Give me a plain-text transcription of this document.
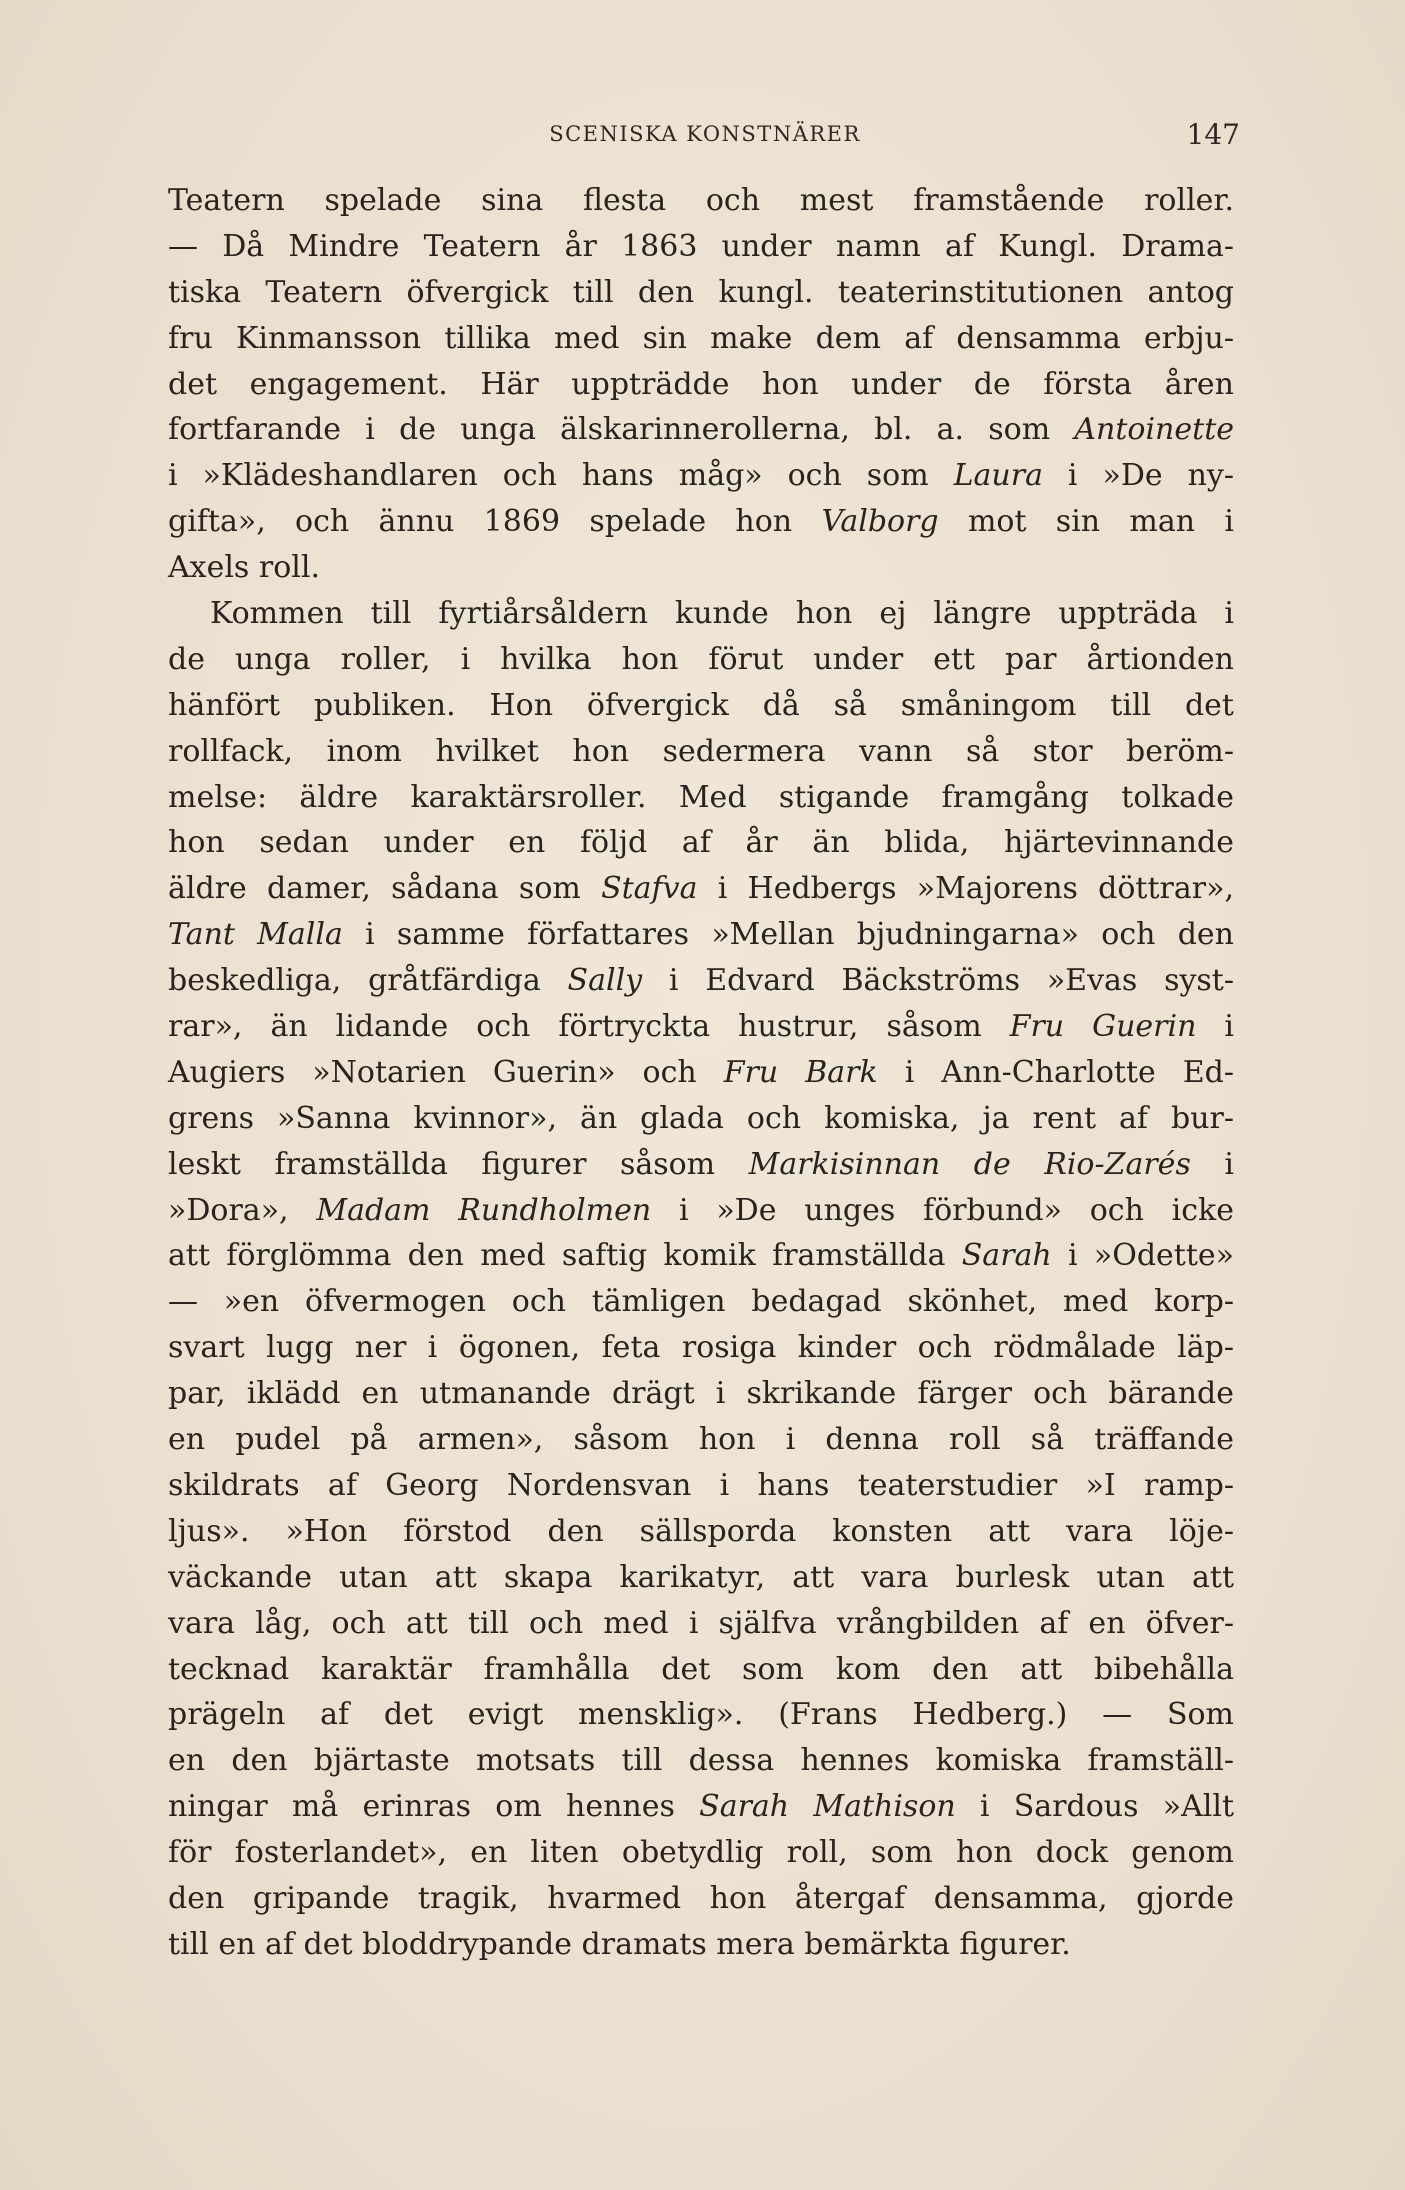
SCENISKA KONSTNÄRER	147
Teatern spelade sina flesta och mest framstående roller.
— Då Mindre Teatern år 1863 under namn af Kungl. Drama-
tiska Teatern öfvergick till den kungl. teaterinstitutionen antog
fru Kinmansson tillika med sin make dem af densamma erbju-
det engagement. Här uppträdde hon under de första åren
fortfarande i de unga älskarinnerollerna, bl. a. som Antoinette
i »Klädeshandlaren och hans måg» och som Laura i »De ny-
gifta», och ännu 1869 spelade hon Valborg mot sin man i
Axels roll.
Kommen till fyrtiårsåldern kunde hon ej längre uppträda i
de unga roller, i hvilka hon förut under ett par årtionden
hänfört publiken. Hon öfvergick då så småningom till det
rollfack, inom hvilket hon sedermera vann så stor beröm-
melse: äldre karaktärsroller. Med stigande framgång tolkade
hon sedan under en följd af år än blida, hjärtevinnande
äldre damer, sådana som Stafva i Hedbergs »Majorens döttrar»,
Tant Malla i samme författares »Mellan bjudningarna» och den
beskedliga, gråtfärdiga Sally i Edvard Bäckströms »Evas syst-
rar», än lidande och förtryckta hustrur, såsom Fru Guerin i
Augiers »Notarien Guerin» och Fru Bark i Ann-Charlotte Ed-
grens »Sanna kvinnor», än glada och komiska, ja rent af bur-
leskt framställda figurer såsom Markisinnan de Rio-Zarés i
»Dora», Madam Rundholmen i »De unges förbund» och icke
att förglömma den med saftig komik framställda Sarah i »Odette»
— »en öfvermogen och tämligen bedagad skönhet, med korp-
svart lugg ner i ögonen, feta rosiga kinder och rödmålade läp-
par, iklädd en utmanande drägt i skrikande färger och bärande
en pudel på armen», såsom hon i denna roll så träffande
skildrats af Georg Nordensvan i hans teaterstudier »I ramp-
ljus». »Hon förstod den sällsporda konsten att vara löje-
väckande utan att skapa karikatyr, att vara burlesk utan att
vara låg, och att till och med i själfva vrångbilden af en öfver-
tecknad karaktär framhålla det som kom den att bibehålla
prägeln af det evigt mensklig». (Frans Hedberg.) — Som
en den bjärtaste motsats till dessa hennes komiska framställ-
ningar må erinras om hennes Sarah Mathison i Sardous »Allt
för fosterlandet», en liten obetydlig roll, som hon dock genom
den gripande tragik, hvarmed hon återgaf densamma, gjorde
till en af det bloddrypande dramats mera bemärkta figurer.
